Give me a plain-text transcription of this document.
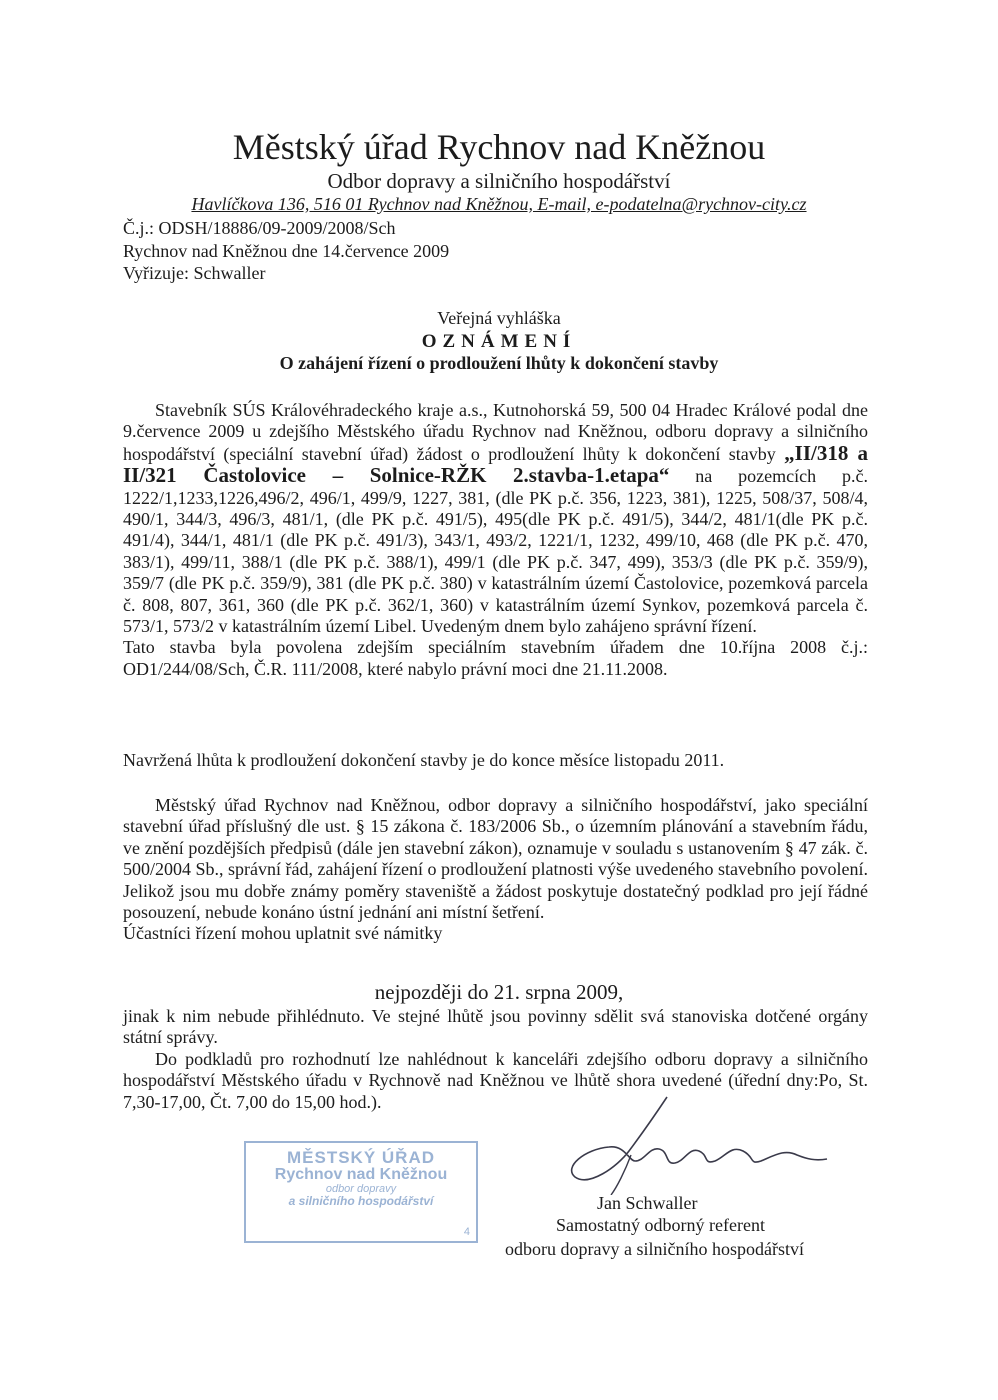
Městský úřad Rychnov nad Kněžnou
Odbor dopravy a silničního hospodářství
Havlíčkova 136, 516 01 Rychnov nad Kněžnou, E-mail, e-podatelna@rychnov-city.cz
Č.j.: ODSH/18886/09-2009/2008/Sch
Rychnov nad Kněžnou dne 14.července 2009
Vyřizuje: Schwaller
Veřejná vyhláška
OZNÁMENÍ
O zahájení řízení o prodloužení lhůty k dokončení stavby

Stavebník SÚS Královéhradeckého kraje a.s., Kutnohorská 59, 500 04 Hradec Králové podal dne 9.července 2009 u zdejšího Městského úřadu Rychnov nad Kněžnou, odboru dopravy a silničního hospodářství (speciální stavební úřad) žádost o prodloužení lhůty k dokončení stavby „II/318 a II/321 Častolovice – Solnice-RŽK 2.stavba-1.etapa“ na pozemcích p.č. 1222/1,1233,1226,496/2, 496/1, 499/9, 1227, 381, (dle PK p.č. 356, 1223, 381), 1225, 508/37, 508/4, 490/1, 344/3, 496/3, 481/1, (dle PK p.č. 491/5), 495(dle PK p.č. 491/5), 344/2, 481/1(dle PK p.č. 491/4), 344/1, 481/1 (dle PK p.č. 491/3), 343/1, 493/2, 1221/1, 1232, 499/10, 468 (dle PK p.č. 470, 383/1), 499/11, 388/1 (dle PK p.č. 388/1), 499/1 (dle PK p.č. 347, 499), 353/3 (dle PK p.č. 359/9), 359/7 (dle PK p.č. 359/9), 381 (dle PK p.č. 380) v katastrálním území Častolovice, pozemková parcela č. 808, 807, 361, 360 (dle PK p.č. 362/1, 360) v katastrálním území Synkov, pozemková parcela č. 573/1, 573/2 v katastrálním území Libel. Uvedeným dnem bylo zahájeno správní řízení.

Tato stavba byla povolena zdejším speciálním stavebním úřadem dne 10.října 2008 č.j.: OD1/244/08/Sch, Č.R. 111/2008, které nabylo právní moci dne 21.11.2008.

Navržená lhůta k prodloužení dokončení stavby je do konce měsíce listopadu 2011.

Městský úřad Rychnov nad Kněžnou, odbor dopravy a silničního hospodářství, jako speciální stavební úřad příslušný dle ust. § 15 zákona č. 183/2006 Sb., o územním plánování a stavebním řádu, ve znění pozdějších předpisů (dále jen stavební zákon), oznamuje v souladu s ustanovením § 47 zák. č. 500/2004 Sb., správní řád, zahájení řízení o prodloužení platnosti výše uvedeného stavebního povolení. Jelikož jsou mu dobře známy poměry staveniště a žádost poskytuje dostatečný podklad pro její řádné posouzení, nebude konáno ústní jednání ani místní šetření.

Účastníci řízení mohou uplatnit své námitky

nejpozději do 21. srpna 2009,

jinak k nim nebude přihlédnuto. Ve stejné lhůtě jsou povinny sdělit svá stanoviska dotčené orgány státní správy.

Do podkladů pro rozhodnutí lze nahlédnout k kanceláři zdejšího odboru dopravy a silničního hospodářství Městského úřadu v Rychnově nad Kněžnou ve lhůtě shora uvedené (úřední dny:Po, St. 7,30-17,00, Čt. 7,00 do 15,00 hod.).

MĚSTSKÝ ÚŘAD
Rychnov nad Kněžnou
odbor dopravy
a silničního hospodářství
4
Jan Schwaller
Samostatný odborný referent
odboru dopravy a silničního hospodářství
